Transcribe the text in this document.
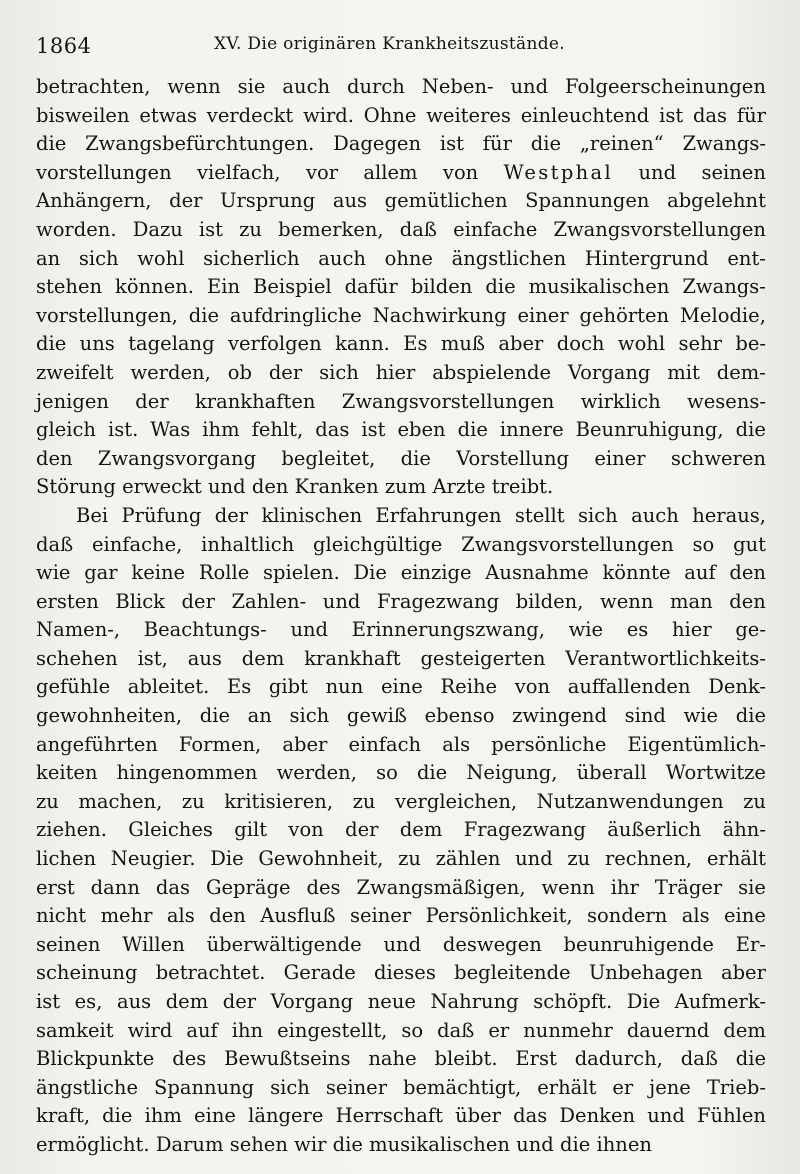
1864	XV. Die originären Krankheitszustände.
betrachten, wenn sie auch durch Neben- und Folgeerscheinungen
bisweilen etwas verdeckt wird. Ohne weiteres einleuchtend ist das für
die Zwangsbefürchtungen. Dagegen ist für die „reinen“ Zwangs-
vorstellungen vielfach, vor allem von Westphal und seinen
Anhängern, der Ursprung aus gemütlichen Spannungen abgelehnt
worden. Dazu ist zu bemerken, daß einfache Zwangsvorstellungen
an sich wohl sicherlich auch ohne ängstlichen Hintergrund ent-
stehen können. Ein Beispiel dafür bilden die musikalischen Zwangs-
vorstellungen, die aufdringliche Nachwirkung einer gehörten Melodie,
die uns tagelang verfolgen kann. Es muß aber doch wohl sehr be-
zweifelt werden, ob der sich hier abspielende Vorgang mit dem-
jenigen der krankhaften Zwangsvorstellungen wirklich wesens-
gleich ist. Was ihm fehlt, das ist eben die innere Beunruhigung, die
den Zwangsvorgang begleitet, die Vorstellung einer schweren
Störung erweckt und den Kranken zum Arzte treibt.
Bei Prüfung der klinischen Erfahrungen stellt sich auch heraus,
daß einfache, inhaltlich gleichgültige Zwangsvorstellungen so gut
wie gar keine Rolle spielen. Die einzige Ausnahme könnte auf den
ersten Blick der Zahlen- und Fragezwang bilden, wenn man den
Namen-, Beachtungs- und Erinnerungszwang, wie es hier ge-
schehen ist, aus dem krankhaft gesteigerten Verantwortlichkeits-
gefühle ableitet. Es gibt nun eine Reihe von auffallenden Denk-
gewohnheiten, die an sich gewiß ebenso zwingend sind wie die
angeführten Formen, aber einfach als persönliche Eigentümlich-
keiten hingenommen werden, so die Neigung, überall Wortwitze
zu machen, zu kritisieren, zu vergleichen, Nutzanwendungen zu
ziehen. Gleiches gilt von der dem Fragezwang äußerlich ähn-
lichen Neugier. Die Gewohnheit, zu zählen und zu rechnen, erhält
erst dann das Gepräge des Zwangsmäßigen, wenn ihr Träger sie
nicht mehr als den Ausfluß seiner Persönlichkeit, sondern als eine
seinen Willen überwältigende und deswegen beunruhigende Er-
scheinung betrachtet. Gerade dieses begleitende Unbehagen aber
ist es, aus dem der Vorgang neue Nahrung schöpft. Die Aufmerk-
samkeit wird auf ihn eingestellt, so daß er nunmehr dauernd dem
Blickpunkte des Bewußtseins nahe bleibt. Erst dadurch, daß die
ängstliche Spannung sich seiner bemächtigt, erhält er jene Trieb-
kraft, die ihm eine längere Herrschaft über das Denken und Fühlen
ermöglicht. Darum sehen wir die musikalischen und die ihnen
